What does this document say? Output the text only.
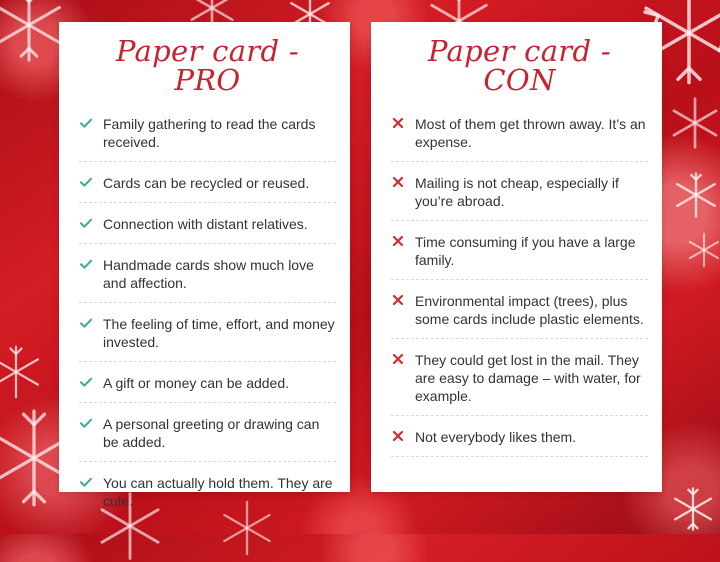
Paper card - PRO
Family gathering to read the cards received.
Cards can be recycled or reused.
Connection with distant relatives.
Handmade cards show much love and affection.
The feeling of time, effort, and money invested.
A gift or money can be added.
A personal greeting or drawing can be added.
You can actually hold them. They are cute.
Paper card - CON
Most of them get thrown away. It’s an expense.
Mailing is not cheap, especially if you’re abroad.
Time consuming if you have a large family.
Environmental impact (trees), plus some cards include plastic elements.
They could get lost in the mail. They are easy to damage – with water, for example.
Not everybody likes them.
